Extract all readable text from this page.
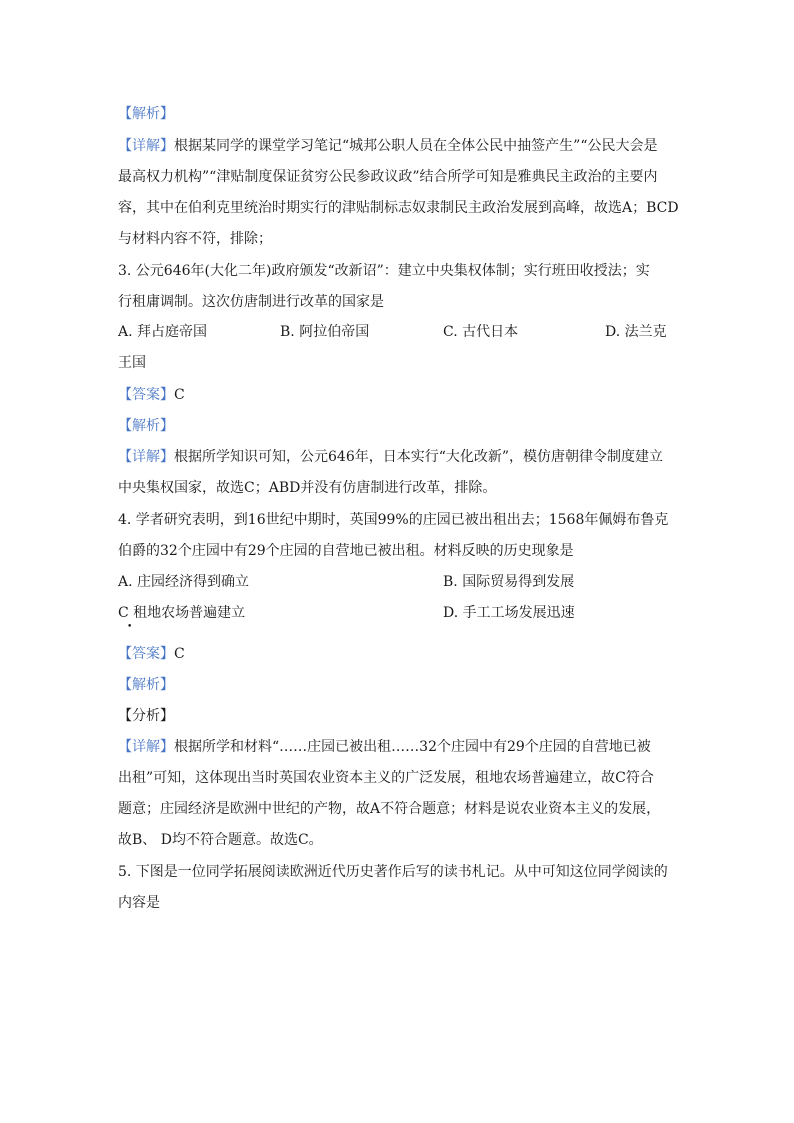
【解析】
【详解】根据某同学的课堂学习笔记“城邦公职人员在全体公民中抽签产生”“公民大会是
最高权力机构”“津贴制度保证贫穷公民参政议政”结合所学可知是雅典民主政治的主要内
容，其中在伯利克里统治时期实行的津贴制标志奴隶制民主政治发展到高峰，故选A；BCD
与材料内容不符，排除；
3. 公元646年(大化二年)政府颁发“改新诏”：建立中央集权体制；实行班田收授法；实
行租庸调制。这次仿唐制进行改革的国家是
A. 拜占庭帝国	B. 阿拉伯帝国	C. 古代日本	D. 法兰克
王国
【答案】C
【解析】
【详解】根据所学知识可知，公元646年，日本实行“大化改新”，模仿唐朝律令制度建立
中央集权国家，故选C；ABD并没有仿唐制进行改革，排除。
4. 学者研究表明，到16世纪中期时，英国99%的庄园已被出租出去；1568年佩姆布鲁克
伯爵的32个庄园中有29个庄园的自营地已被出租。材料反映的历史现象是
A. 庄园经济得到确立	B. 国际贸易得到发展
C 租地农场普遍建立
•
D. 手工工场发展迅速
【答案】C
【解析】
【分析】
【详解】根据所学和材料“……庄园已被出租……32个庄园中有29个庄园的自营地已被
出租”可知，这体现出当时英国农业资本主义的广泛发展，租地农场普遍建立，故C符合
题意；庄园经济是欧洲中世纪的产物，故A不符合题意；材料是说农业资本主义的发展，
故B、 D均不符合题意。故选C。
5. 下图是一位同学拓展阅读欧洲近代历史著作后写的读书札记。从中可知这位同学阅读的
内容是
